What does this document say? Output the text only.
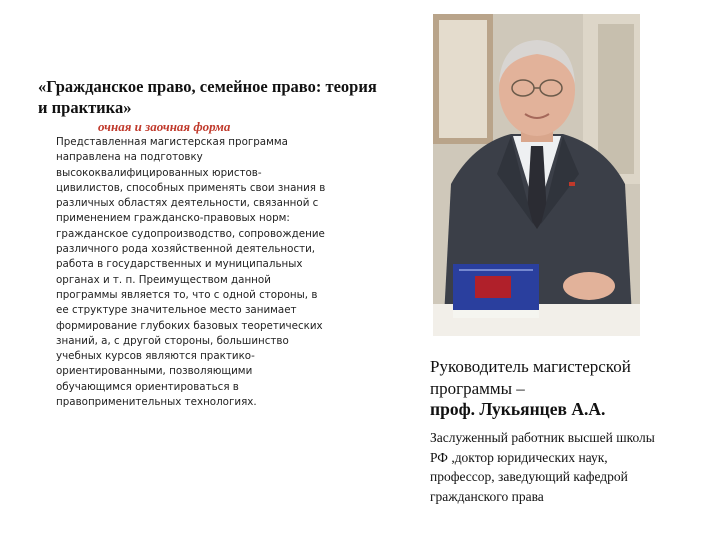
«Гражданское право, семейное право: теория и практика»
очная и заочная форма
Представленная магистерская программа направлена на подготовку высококвалифицированных юристов-цивилистов, способных применять свои знания в различных областях деятельности, связанной с применением гражданско-правовых норм: гражданское судопроизводство, сопровождение различного рода хозяйственной деятельности, работа в государственных и муниципальных органах и т. п. Преимуществом данной программы является то, что с одной стороны, в ее структуре значительное место занимает формирование глубоких базовых теоретических знаний, а, с другой стороны, большинство учебных курсов являются практико-ориентированными, позволяющими обучающимся ориентироваться в правоприменительных технологиях.
Руководитель магистерской программы –
проф. Лукьянцев А.А.
Заслуженный работник высшей школы РФ ,доктор юридических наук, профессор, заведующий кафедрой гражданского права
